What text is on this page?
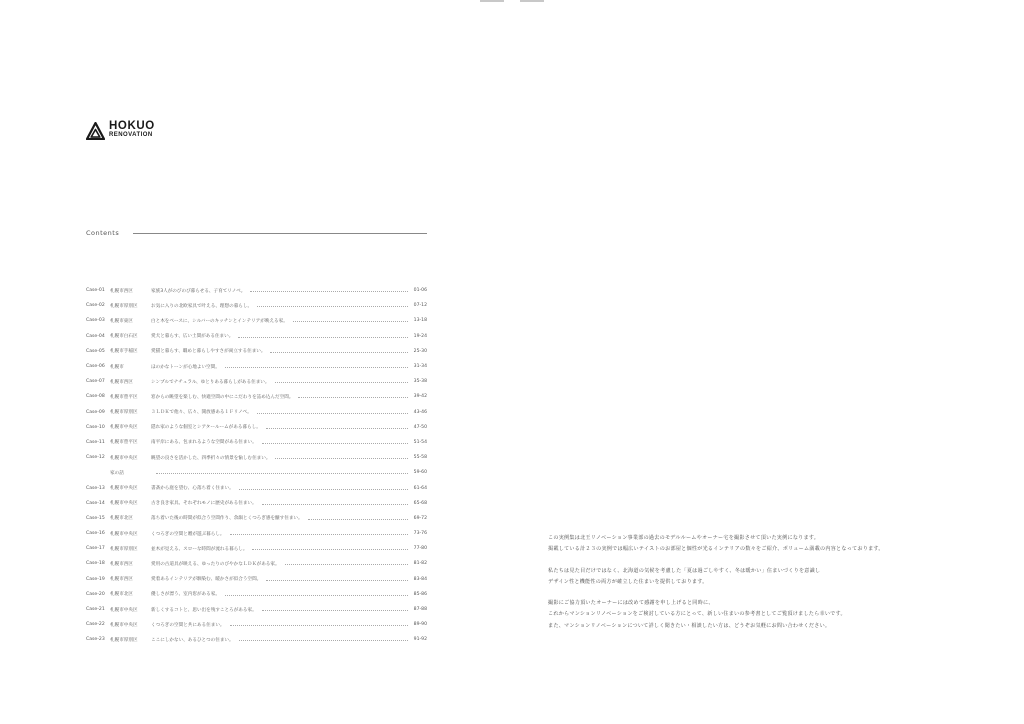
HOKUO
RENOVATION
Contents
Case-01	札幌市西区	家族3人がのびのび暮らせる、子育てリノベ。	01-06
Case-02	札幌市厚別区	お気に入りの北欧家具で叶える、理想の暮らし。	07-12
Case-03	札幌市東区	白と木をベースに、シルバーのキッチンとインテリアが映える家。	13-18
Case-04	札幌市白石区	愛犬と暮らす、広い土間がある住まい。	19-24
Case-05	札幌市手稲区	愛猫と暮らす、職めと暮らしやすさが両立する住まい。	25-30
Case-06	札幌市	ほのかなトーンが心地よい空間。	31-34
Case-07	札幌市西区	シンプルでナチュラル、ゆとりある暮らしがある住まい。	35-38
Case-08	札幌市豊平区	窓からの眺望を楽しむ、快適空間の中にこだわりを詰め込んだ空間。	39-42
Case-09	札幌市厚別区	３ＬＤＫで他々、広々、開放感ある１Ｆリノベ。	43-46
Case-10	札幌市中央区	隠れ家のような個室とシアタールームがある暮らし。	47-50
Case-11	札幌市豊平区	南平岸にある、包まれるような空間がある住まい。	51-54
Case-12	札幌市中央区	眺望の良さを活かした、四季折々の情景を愉しむ住まい。	55-58
家の話	59-60
Case-13	札幌市中央区	書斎から庭を望む、心落ち着く住まい。	61-64
Case-14	札幌市中央区	古き良き家具、それぞれモノに歴史がある住まい。	65-68
Case-15	札幌市北区	落ち着いた後の時間が似合う空間作り、余韻とくつろぎ感を醸す住まい。	69-72
Case-16	札幌市中央区	くつろぎの空間と贈が遊ぶ暮らし。	73-76
Case-17	札幌市厚別区	並木が見える、スローな時間が流れる暮らし。	77-80
Case-18	札幌市西区	愛用の古道具が映える、ゆったりのびやかなＬＤＫがある家。	81-82
Case-19	札幌市西区	愛着あるインテリアが馴染む、暖かさが似合う空間。	83-84
Case-20	札幌市北区	優しさが漂う、室内窓がある家。	85-86
Case-21	札幌市中央区	新しくするコトと、思い出を残すことろがある家。	87-88
Case-22	札幌市中央区	くつろぎの空間と共にある住まい。	89-90
Case-23	札幌市厚別区	ここにしかない、あるひとつの住まい。	91-92

この実例集は北王リノベーション事業部の過去のモデルルームやオーナー宅を撮影させて頂いた実例になります。

掲載している計２３の実例では幅広いテイストのお部屋と個性が光るインテリアの数々をご紹介、ボリューム満載の内容となっております。

私たちは見た目だけではなく、北海道の気候を考慮した「夏は過ごしやすく、冬は暖かい」住まいづくりを意識し

デザイン性と機能性の両方が確立した住まいを提供しております。

撮影にご協力頂いたオーナーには改めて感謝を申し上げると同時に、

これからマンションリノベーションをご検討している方にとって、新しい住まいの参考書としてご覧頂けましたら幸いです。

また、マンションリノベーションについて詳しく聞きたい・相談したい方は、どうぞお気軽にお問い合わせください。
